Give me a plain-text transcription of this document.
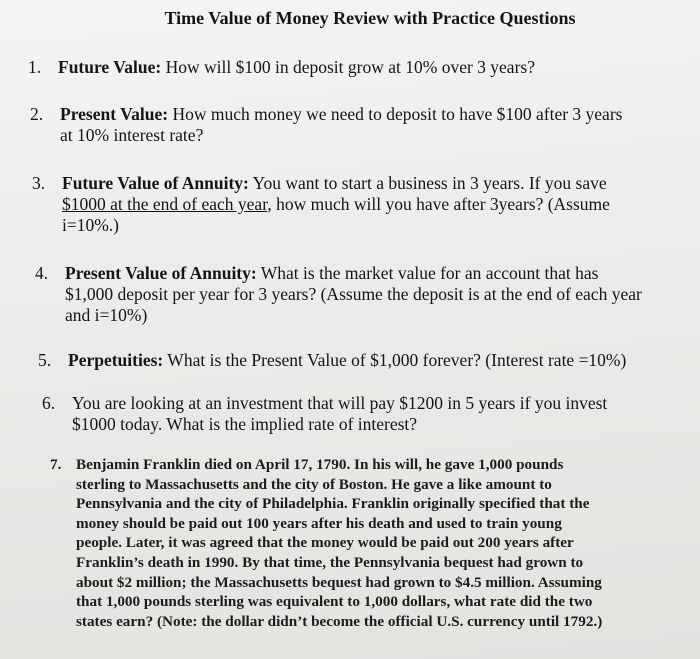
Time Value of Money Review with Practice Questions
1. Future Value: How will $100 in deposit grow at 10% over 3 years?
2. Present Value: How much money we need to deposit to have $100 after 3 years
at 10% interest rate?
3. Future Value of Annuity: You want to start a business in 3 years. If you save
$1000 at the end of each year, how much will you have after 3years? (Assume
i=10%.)
4. Present Value of Annuity: What is the market value for an account that has
$1,000 deposit per year for 3 years? (Assume the deposit is at the end of each year
and i=10%)
5. Perpetuities: What is the Present Value of $1,000 forever? (Interest rate =10%)
6. You are looking at an investment that will pay $1200 in 5 years if you invest
$1000 today. What is the implied rate of interest?
7. Benjamin Franklin died on April 17, 1790. In his will, he gave 1,000 pounds
sterling to Massachusetts and the city of Boston. He gave a like amount to
Pennsylvania and the city of Philadelphia. Franklin originally specified that the
money should be paid out 100 years after his death and used to train young
people. Later, it was agreed that the money would be paid out 200 years after
Franklin’s death in 1990. By that time, the Pennsylvania bequest had grown to
about $2 million; the Massachusetts bequest had grown to $4.5 million. Assuming
that 1,000 pounds sterling was equivalent to 1,000 dollars, what rate did the two
states earn? (Note: the dollar didn’t become the official U.S. currency until 1792.)
